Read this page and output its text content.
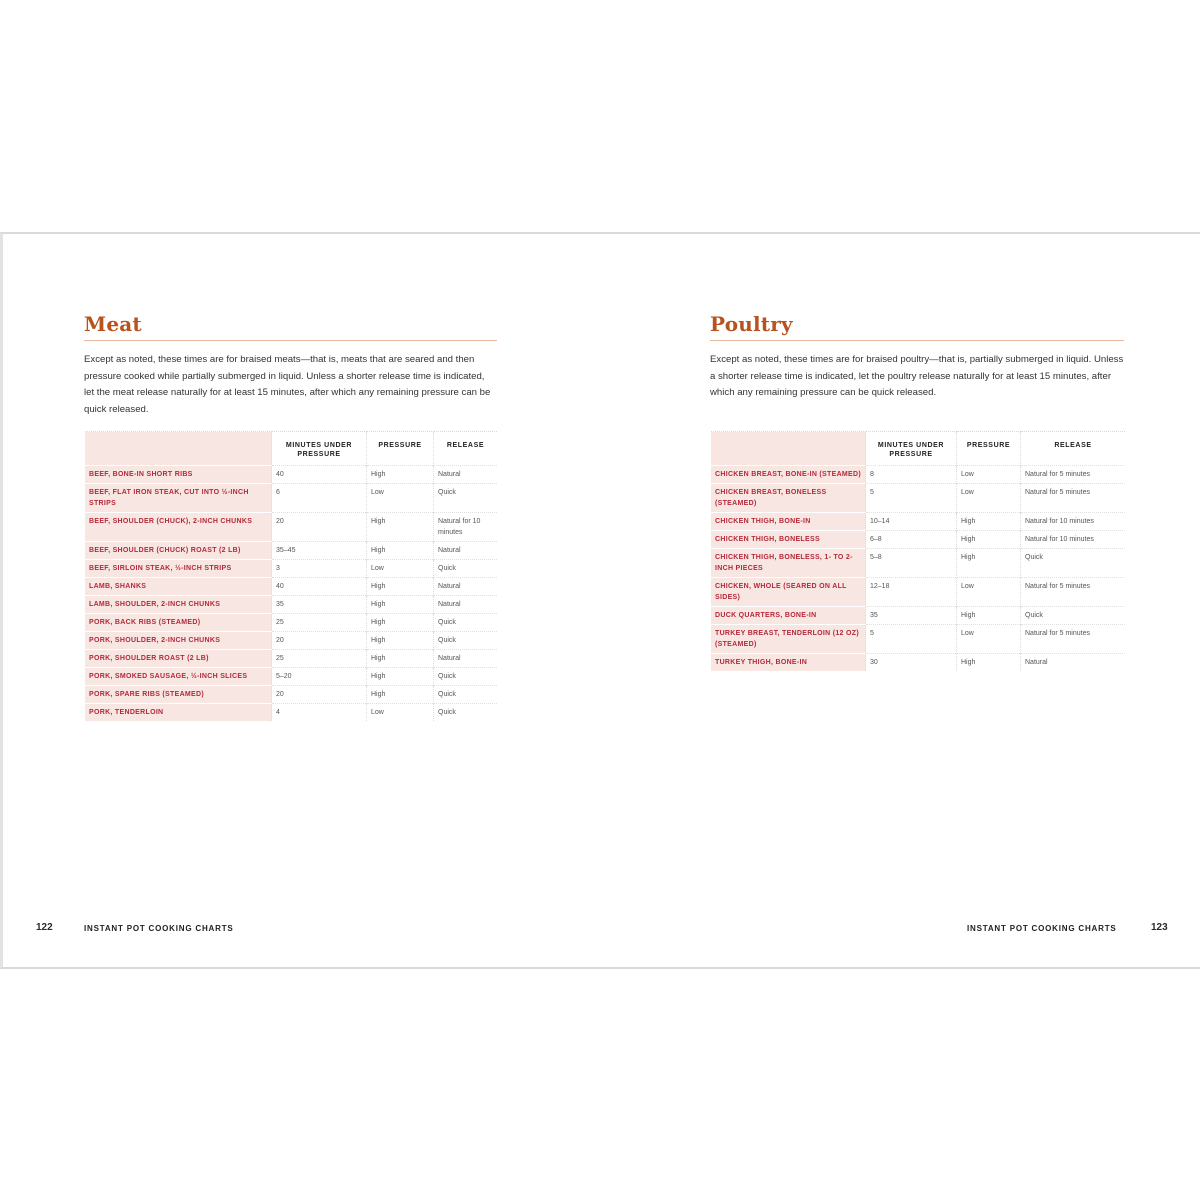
Meat
Except as noted, these times are for braised meats—that is, meats that are seared and then pressure cooked while partially submerged in liquid. Unless a shorter release time is indicated, let the meat release naturally for at least 15 minutes, after which any remaining pressure can be quick released.
	MINUTES UNDER PRESSURE	PRESSURE	RELEASE
BEEF, BONE-IN SHORT RIBS	40	High	Natural
BEEF, FLAT IRON STEAK, CUT INTO ½-INCH STRIPS	6	Low	Quick
BEEF, SHOULDER (CHUCK), 2-INCH CHUNKS	20	High	Natural for 10 minutes
BEEF, SHOULDER (CHUCK) ROAST (2 LB)	35–45	High	Natural
BEEF, SIRLOIN STEAK, ½-INCH STRIPS	3	Low	Quick
LAMB, SHANKS	40	High	Natural
LAMB, SHOULDER, 2-INCH CHUNKS	35	High	Natural
PORK, BACK RIBS (STEAMED)	25	High	Quick
PORK, SHOULDER, 2-INCH CHUNKS	20	High	Quick
PORK, SHOULDER ROAST (2 LB)	25	High	Natural
PORK, SMOKED SAUSAGE, ½-INCH SLICES	5–20	High	Quick
PORK, SPARE RIBS (STEAMED)	20	High	Quick
PORK, TENDERLOIN	4	Low	Quick
122	INSTANT POT COOKING CHARTS
Poultry
Except as noted, these times are for braised poultry—that is, partially submerged in liquid. Unless a shorter release time is indicated, let the poultry release naturally for at least 15 minutes, after which any remaining pressure can be quick released.
	MINUTES UNDER PRESSURE	PRESSURE	RELEASE
CHICKEN BREAST, BONE-IN (STEAMED)	8	Low	Natural for 5 minutes
CHICKEN BREAST, BONELESS (STEAMED)	5	Low	Natural for 5 minutes
CHICKEN THIGH, BONE-IN	10–14	High	Natural for 10 minutes
CHICKEN THIGH, BONELESS	6–8	High	Natural for 10 minutes
CHICKEN THIGH, BONELESS, 1- TO 2-INCH PIECES	5–8	High	Quick
CHICKEN, WHOLE (SEARED ON ALL SIDES)	12–18	Low	Natural for 5 minutes
DUCK QUARTERS, BONE-IN	35	High	Quick
TURKEY BREAST, TENDERLOIN (12 OZ) (STEAMED)	5	Low	Natural for 5 minutes
TURKEY THIGH, BONE-IN	30	High	Natural
INSTANT POT COOKING CHARTS	123
